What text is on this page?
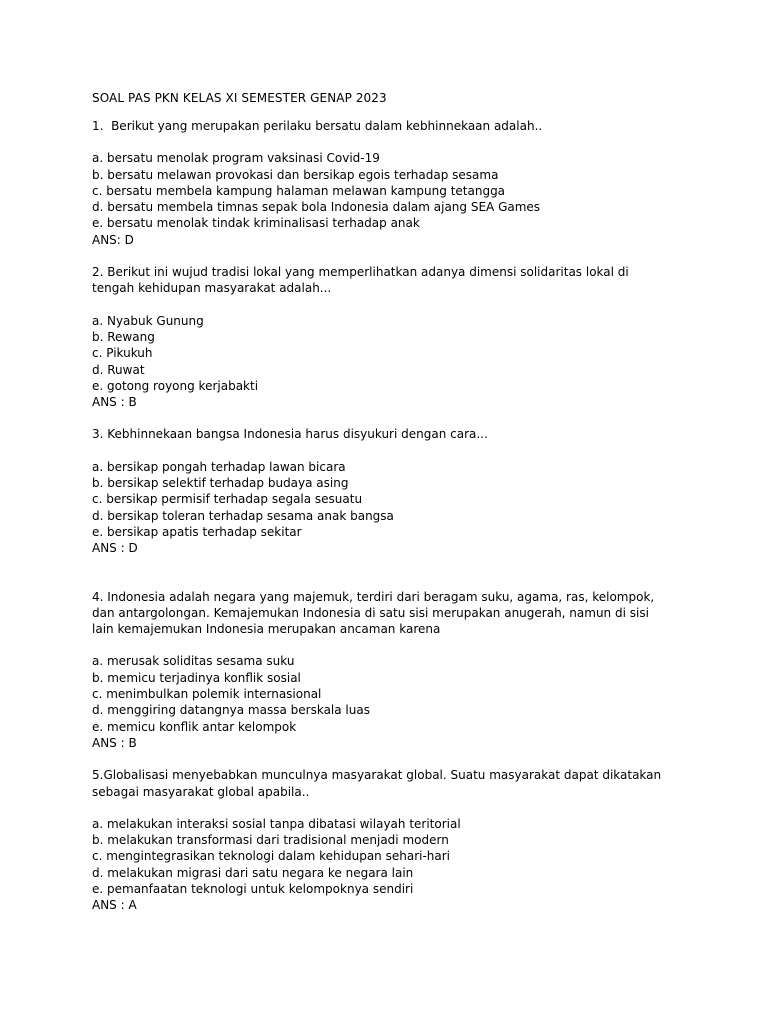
SOAL PAS PKN KELAS XI SEMESTER GENAP 2023
1.  Berikut yang merupakan perilaku bersatu dalam kebhinnekaan adalah..
a. bersatu menolak program vaksinasi Covid-19
b. bersatu melawan provokasi dan bersikap egois terhadap sesama
c. bersatu membela kampung halaman melawan kampung tetangga
d. bersatu membela timnas sepak bola Indonesia dalam ajang SEA Games
e. bersatu menolak tindak kriminalisasi terhadap anak
ANS: D
2. Berikut ini wujud tradisi lokal yang memperlihatkan adanya dimensi solidaritas lokal di tengah kehidupan masyarakat adalah...
a. Nyabuk Gunung
b. Rewang
c. Pikukuh
d. Ruwat
e. gotong royong kerjabakti
ANS : B
3. Kebhinnekaan bangsa Indonesia harus disyukuri dengan cara...
a. bersikap pongah terhadap lawan bicara
b. bersikap selektif terhadap budaya asing
c. bersikap permisif terhadap segala sesuatu
d. bersikap toleran terhadap sesama anak bangsa
e. bersikap apatis terhadap sekitar
ANS : D
4. Indonesia adalah negara yang majemuk, terdiri dari beragam suku, agama, ras, kelompok, dan antargolongan. Kemajemukan Indonesia di satu sisi merupakan anugerah, namun di sisi lain kemajemukan Indonesia merupakan ancaman karena
a. merusak soliditas sesama suku
b. memicu terjadinya konflik sosial
c. menimbulkan polemik internasional
d. menggiring datangnya massa berskala luas
e. memicu konflik antar kelompok
ANS : B
5.Globalisasi menyebabkan munculnya masyarakat global. Suatu masyarakat dapat dikatakan sebagai masyarakat global apabila..
a. melakukan interaksi sosial tanpa dibatasi wilayah teritorial
b. melakukan transformasi dari tradisional menjadi modern
c. mengintegrasikan teknologi dalam kehidupan sehari-hari
d. melakukan migrasi dari satu negara ke negara lain
e. pemanfaatan teknologi untuk kelompoknya sendiri
ANS : A
